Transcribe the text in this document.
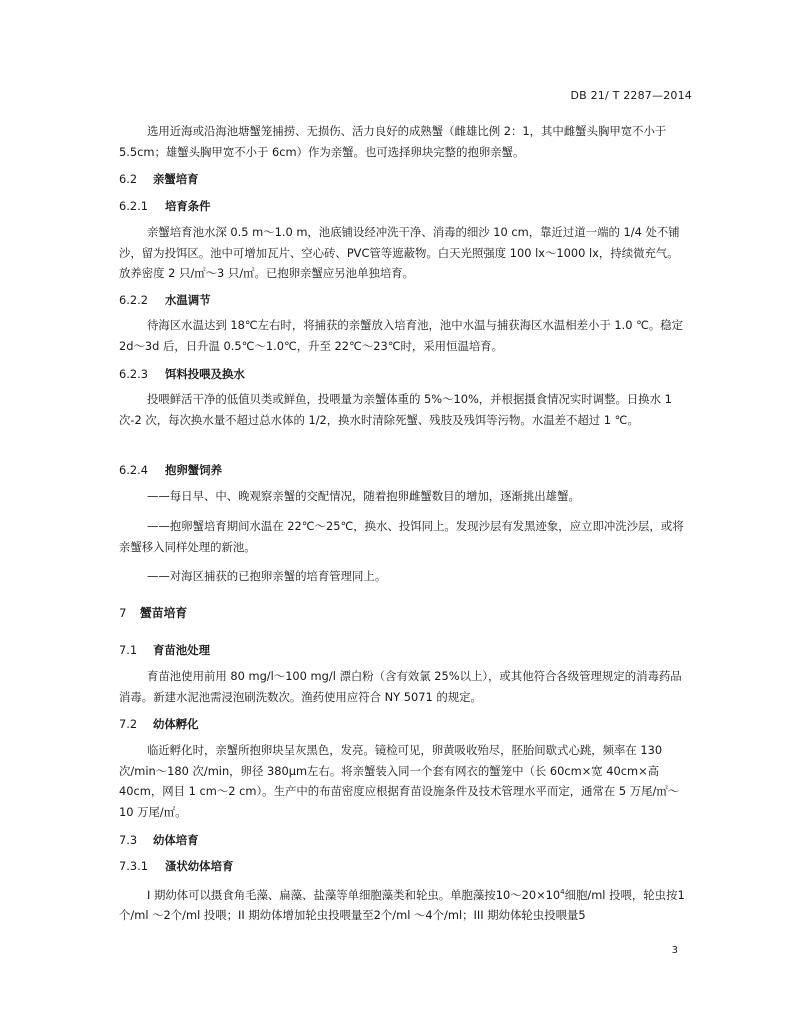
DB 21/ T 2287—2014

选用近海或沿海池塘蟹笼捕捞、无损伤、活力良好的成熟蟹（雌雄比例 2：1，其中雌蟹头胸甲宽不小于 5.5cm；雄蟹头胸甲宽不小于 6cm）作为亲蟹。也可选择卵块完整的抱卵亲蟹。

6.2 亲蟹培育
6.2.1 培育条件

亲蟹培育池水深 0.5 m～1.0 m，池底铺设经冲洗干净、消毒的细沙 10 cm，靠近过道一端的 1/4 处不铺沙，留为投饵区。池中可增加瓦片、空心砖、PVC管等遮蔽物。白天光照强度 100 lx～1000 lx，持续微充气。放养密度 2 只/㎡～3 只/㎡。已抱卵亲蟹应另池单独培育。

6.2.2 水温调节

待海区水温达到 18℃左右时，将捕获的亲蟹放入培育池，池中水温与捕获海区水温相差小于 1.0 ℃。稳定 2d～3d 后，日升温 0.5℃～1.0℃，升至 22℃～23℃时，采用恒温培育。

6.2.3 饵料投喂及换水

投喂鲜活干净的低值贝类或鲜鱼，投喂量为亲蟹体重的 5%～10%，并根据摄食情况实时调整。日换水 1 次-2 次，每次换水量不超过总水体的 1/2，换水时清除死蟹、残肢及残饵等污物。水温差不超过 1 ℃。

6.2.4 抱卵蟹饲养

——每日早、中、晚观察亲蟹的交配情况，随着抱卵雌蟹数目的增加，逐渐挑出雄蟹。

——抱卵蟹培育期间水温在 22℃～25℃，换水、投饵同上。发现沙层有发黑迹象，应立即冲洗沙层，或将亲蟹移入同样处理的新池。

——对海区捕获的已抱卵亲蟹的培育管理同上。

7 蟹苗培育
7.1 育苗池处理

育苗池使用前用 80 mg/l～100 mg/l 漂白粉（含有效氯 25%以上），或其他符合各级管理规定的消毒药品消毒。新建水泥池需浸泡刷洗数次。渔药使用应符合 NY 5071 的规定。

7.2 幼体孵化

临近孵化时，亲蟹所抱卵块呈灰黑色，发亮。镜检可见，卵黄吸收殆尽，胚胎间歇式心跳，频率在 130 次/min～180 次/min，卵径 380μm左右。将亲蟹装入同一个套有网衣的蟹笼中（长 60cm×宽 40cm×高 40cm，网目 1 cm～2 cm）。生产中的布苗密度应根据育苗设施条件及技术管理水平而定，通常在 5 万尾/㎡～10 万尾/㎡。

7.3 幼体培育
7.3.1 溞状幼体培育

I 期幼体可以摄食角毛藻、扁藻、盐藻等单细胞藻类和轮虫。单胞藻按$10\sim 20\times 10^4$细胞/ml 投喂，轮虫按1个/ml ～2个/ml 投喂；II 期幼体增加轮虫投喂量至2个/ml ～4个/ml；III 期幼体轮虫投喂量5

3
